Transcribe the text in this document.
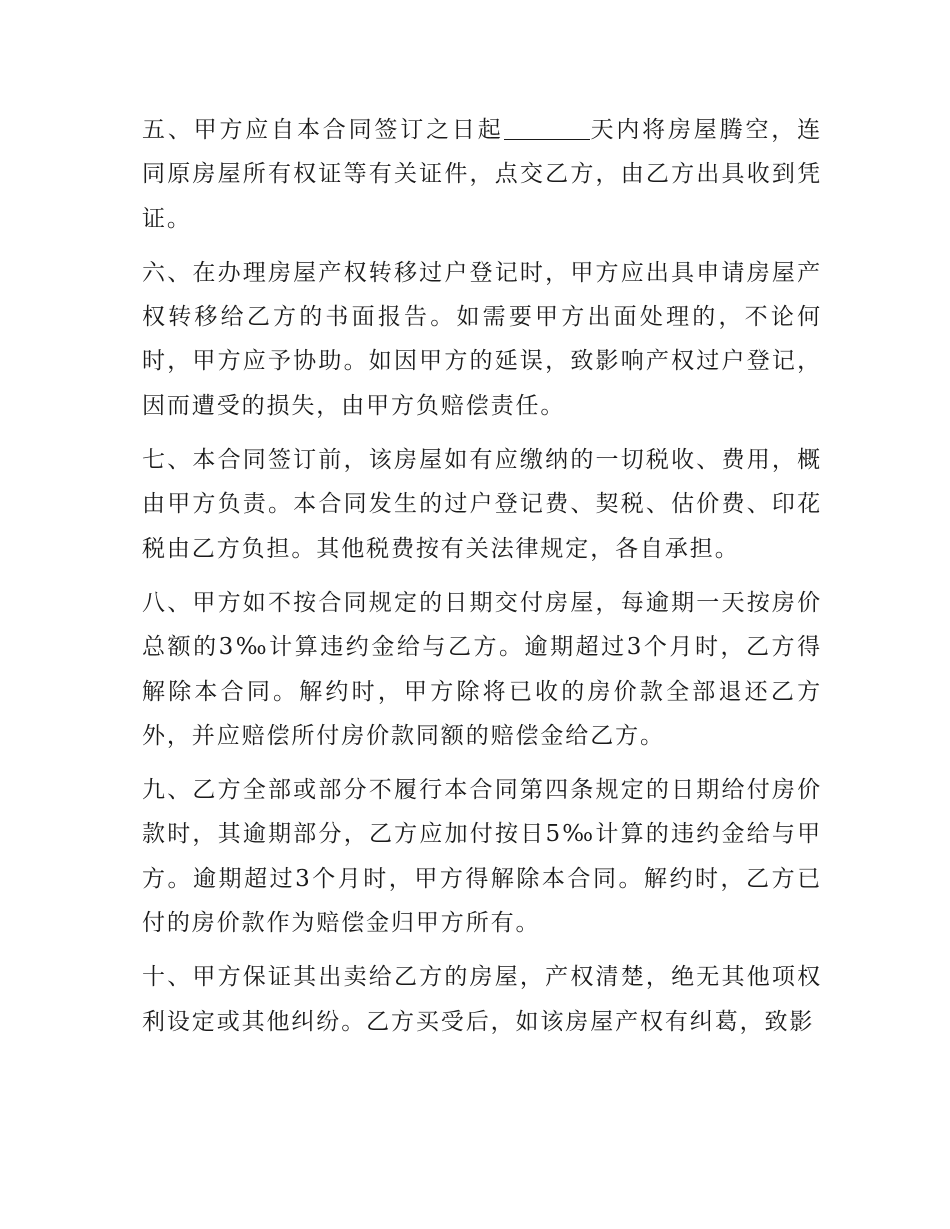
五、甲方应自本合同签订之日起	天内将房屋腾空，连同原房屋所有权证等有关证件，点交乙方，由乙方出具收到凭证。

六、在办理房屋产权转移过户登记时，甲方应出具申请房屋产权转移给乙方的书面报告。如需要甲方出面处理的，不论何时，甲方应予协助。如因甲方的延误，致影响产权过户登记，因而遭受的损失，由甲方负赔偿责任。

七、本合同签订前，该房屋如有应缴纳的一切税收、费用，概由甲方负责。本合同发生的过户登记费、契税、估价费、印花税由乙方负担。其他税费按有关法律规定，各自承担。

八、甲方如不按合同规定的日期交付房屋，每逾期一天按房价总额的3‰计算违约金给与乙方。逾期超过3个月时，乙方得解除本合同。解约时，甲方除将已收的房价款全部退还乙方外，并应赔偿所付房价款同额的赔偿金给乙方。

九、乙方全部或部分不履行本合同第四条规定的日期给付房价款时，其逾期部分，乙方应加付按日5‰计算的违约金给与甲方。逾期超过3个月时，甲方得解除本合同。解约时，乙方已付的房价款作为赔偿金归甲方所有。

十、甲方保证其出卖给乙方的房屋，产权清楚，绝无其他项权利设定或其他纠纷。乙方买受后，如该房屋产权有纠葛，致影
